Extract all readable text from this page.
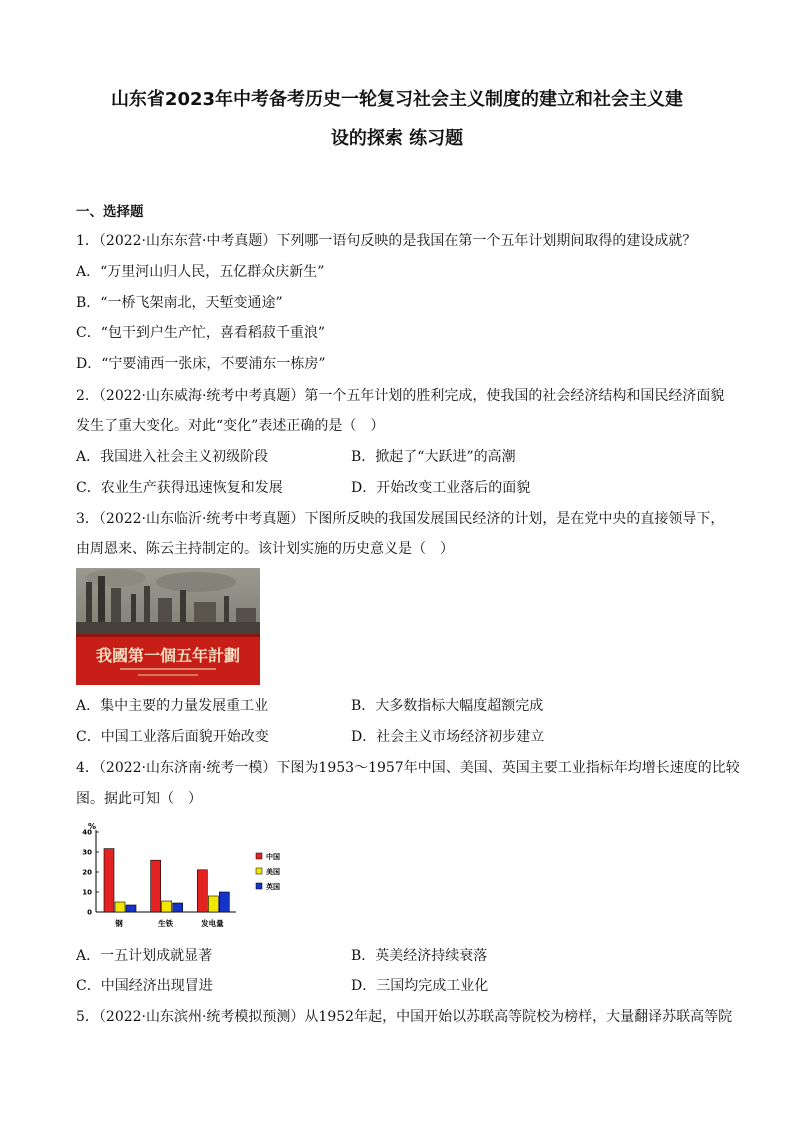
山东省2023年中考备考历史一轮复习社会主义制度的建立和社会主义建
设的探索 练习题
一、选择题
1．（2022·山东东营·中考真题）下列哪一语句反映的是我国在第一个五年计划期间取得的建设成就？
A．“万里河山归人民，五亿群众庆新生”
B．“一桥飞架南北，天堑变通途”
C．“包干到户生产忙，喜看稻菽千重浪”
D．“宁要浦西一张床，不要浦东一栋房”
2．（2022·山东威海·统考中考真题）第一个五年计划的胜利完成，使我国的社会经济结构和国民经济面貌
发生了重大变化。对此“变化”表述正确的是（　）
A．我国进入社会主义初级阶段	B．掀起了“大跃进”的高潮
C．农业生产获得迅速恢复和发展	D．开始改变工业落后的面貌
3．（2022·山东临沂·统考中考真题）下图所反映的我国发展国民经济的计划，是在党中央的直接领导下，
由周恩来、陈云主持制定的。该计划实施的历史意义是（　）
我國第一個五年計劃
A．集中主要的力量发展重工业	B．大多数指标大幅度超额完成
C．中国工业落后面貌开始改变	D．社会主义市场经济初步建立
4．（2022·山东济南·统考一模）下图为1953～1957年中国、美国、英国主要工业指标年均增长速度的比较
图。据此可知（　）
%
0
10
20
30
40
钢	生铁	发电量
中国
美国
英国
A．一五计划成就显著	B．英美经济持续衰落
C．中国经济出现冒进	D．三国均完成工业化
5．（2022·山东滨州·统考模拟预测）从1952年起，中国开始以苏联高等院校为榜样，大量翻译苏联高等院
